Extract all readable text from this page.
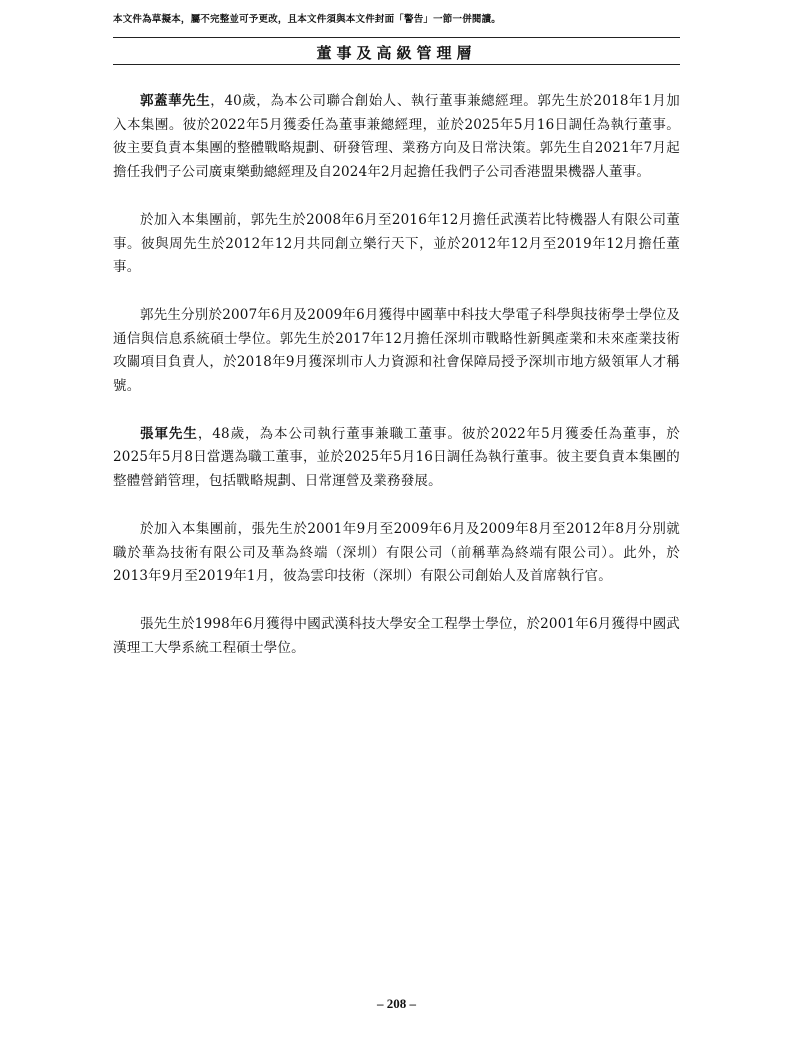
本文件為草擬本，屬不完整並可予更改，且本文件須與本文件封面「警告」一節一併閱讀。
董事及高級管理層

郭蓋華先生，40歲，為本公司聯合創始人、執行董事兼總經理。郭先生於2018年1月加入本集團。彼於2022年5月獲委任為董事兼總經理，並於2025年5月16日調任為執行董事。彼主要負責本集團的整體戰略規劃、研發管理、業務方向及日常決策。郭先生自2021年7月起擔任我們子公司廣東樂動總經理及自2024年2月起擔任我們子公司香港盟果機器人董事。

於加入本集團前，郭先生於2008年6月至2016年12月擔任武漢若比特機器人有限公司董事。彼與周先生於2012年12月共同創立樂行天下，並於2012年12月至2019年12月擔任董事。

郭先生分別於2007年6月及2009年6月獲得中國華中科技大學電子科學與技術學士學位及通信與信息系統碩士學位。郭先生於2017年12月擔任深圳市戰略性新興產業和未來產業技術攻關項目負責人，於2018年9月獲深圳市人力資源和社會保障局授予深圳市地方級領軍人才稱號。

張軍先生，48歲，為本公司執行董事兼職工董事。彼於2022年5月獲委任為董事，於2025年5月8日當選為職工董事，並於2025年5月16日調任為執行董事。彼主要負責本集團的整體營銷管理，包括戰略規劃、日常運營及業務發展。

於加入本集團前，張先生於2001年9月至2009年6月及2009年8月至2012年8月分別就職於華為技術有限公司及華為終端（深圳）有限公司（前稱華為終端有限公司）。此外，於2013年9月至2019年1月，彼為雲印技術（深圳）有限公司創始人及首席執行官。

張先生於1998年6月獲得中國武漢科技大學安全工程學士學位，於2001年6月獲得中國武漢理工大學系統工程碩士學位。

– 208 –
